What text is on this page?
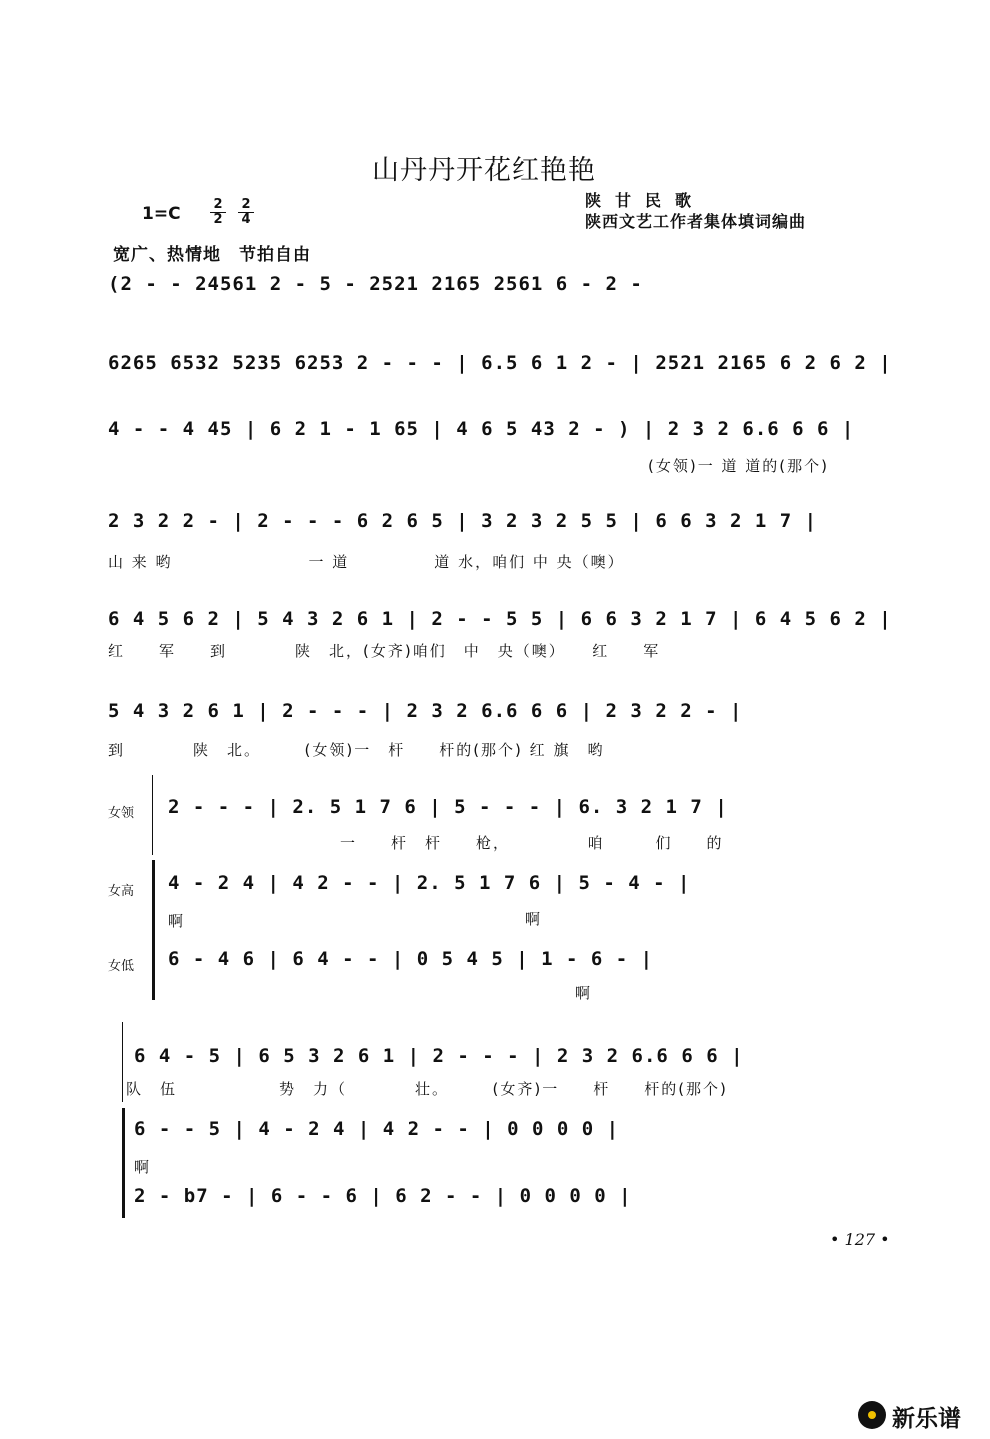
山丹丹开花红艳艳
陕甘民歌
陕西文艺工作者集体填词编曲
1=C	2
2
2
4
宽广、热情地　节拍自由
(2 - - 24561 2 - 5 - 2521 2165 2561 6 - 2 -
6265 6532 5235 6253 2 - - - | 6.5 6 1 2 - | 2521 2165 6 2 6 2 |
4 - - 4 45 | 6 2 1 - 1 65 | 4 6 5 43 2 - ) | 2 3 2 6.6 6 6 |
(女领)一 道 道的(那个)
2 3 2 2 - | 2 - - - 6 2 6 5 | 3 2 3 2 5 5 | 6 6 3 2 1 7 |
山 来 哟　　　　　　　　一 道　　　　　道 水，咱们 中 央（噢）
6 4 5 6 2 | 5 4 3 2 6 1 | 2 - - 5 5 | 6 6 3 2 1 7 | 6 4 5 6 2 |
红　　军　　到　　　　陕　北，(女齐)咱们　中　央（噢）　　红　　军
5 4 3 2 6 1 | 2 - - - | 2 3 2 6.6 6 6 | 2 3 2 2 - |
到　　　　陕　北。　　　(女领)一　杆　　杆的(那个) 红 旗　哟
女领
女高
女低
2 - - - | 2. 5 1 7 6 | 5 - - - | 6. 3 2 1 7 |
一　　杆　杆　　枪，　　　　　咱　　　们　　的
4 - 2 4 | 4 2 - - | 2. 5 1 7 6 | 5 - 4 - |
啊	啊
6 - 4 6 | 6 4 - - | 0 5 4 5 | 1 - 6 - |
啊
6 4 - 5 | 6 5 3 2 6 1 | 2 - - - | 2 3 2 6.6 6 6 |
队　伍　　　　　　势　力（　　　　壮。　　　(女齐)一　　杆　　杆的(那个)
6 - - 5 | 4 - 2 4 | 4 2 - - | 0 0 0 0 |
啊
2 - b7 - | 6 - - 6 | 6 2 - - | 0 0 0 0 |
• 127 •
新乐谱
